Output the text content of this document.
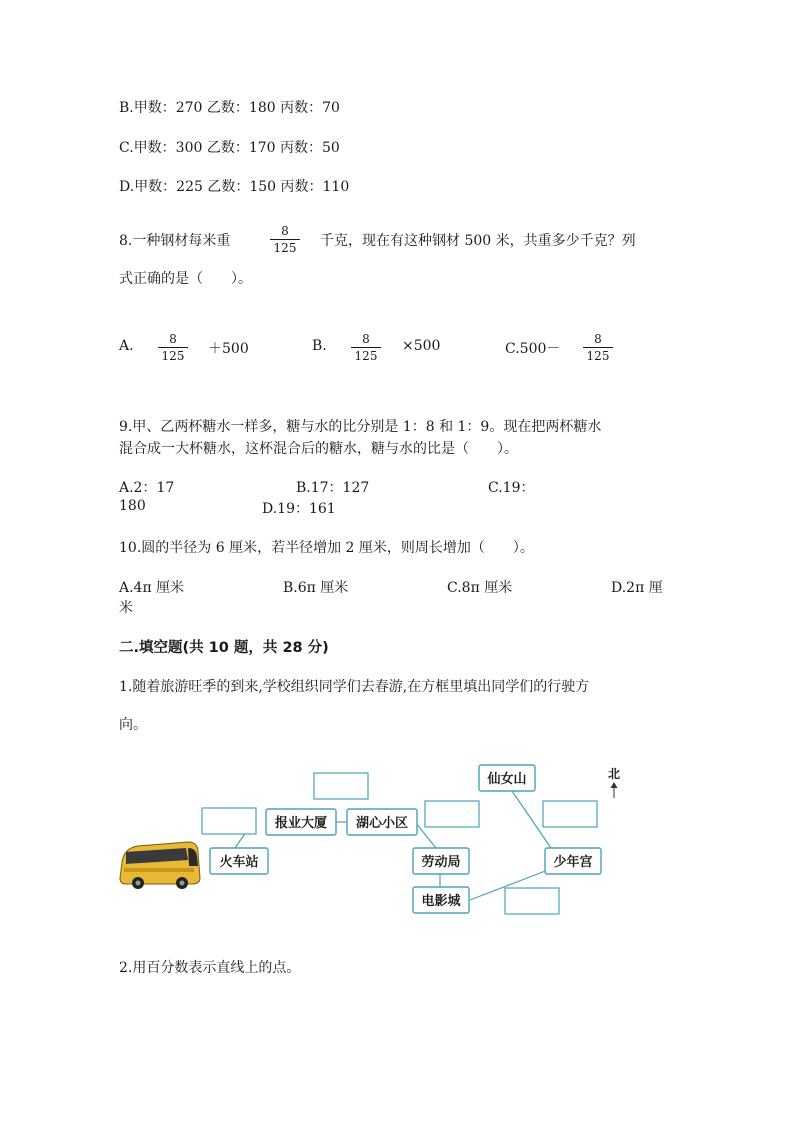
B.甲数：270 乙数：180 丙数：70
C.甲数：300 乙数：170 丙数：50
D.甲数：225 乙数：150 丙数：110
8.一种钢材每米重
8
125	千克，现在有这种钢材 500 米，共重多少千克？列
式正确的是（　　）。
A.	8
125	＋500	B.	8
125
×500	C.500－
8
125
9.甲、乙两杯糖水一样多，糖与水的比分别是 1：8 和 1：9。现在把两杯糖水
混合成一大杯糖水，这杯混合后的糖水，糖与水的比是（　　）。
A.2：17	B.17：127	C.19：
180	D.19：161
10.圆的半径为 6 厘米，若半径增加 2 厘米，则周长增加（　　）。
A.4π 厘米	B.6π 厘米	C.8π 厘米	D.2π 厘
米
二.填空题(共 10 题，共 28 分)
1.随着旅游旺季的到来,学校组织同学们去春游,在方框里填出同学们的行驶方
向。
火车站
报业大厦 湖心小区
劳动局
电影城
少年宫
仙女山	北
2.用百分数表示直线上的点。
